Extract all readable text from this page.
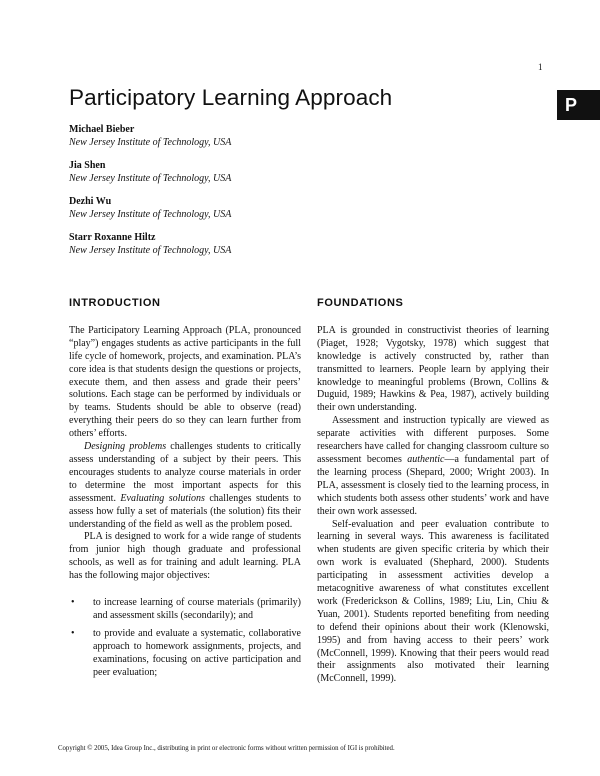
1
P
Participatory Learning Approach
Michael Bieber
New Jersey Institute of Technology, USA
Jia Shen
New Jersey Institute of Technology, USA
Dezhi Wu
New Jersey Institute of Technology, USA
Starr Roxanne Hiltz
New Jersey Institute of Technology, USA
INTRODUCTION

The Participatory Learning Approach (PLA, pronounced “play”) engages students as active participants in the full life cycle of homework, projects, and examination. PLA’s core idea is that students design the questions or projects, execute them, and then assess and grade their peers’ solutions. Each stage can be performed by individuals or by teams. Students should be able to observe (read) everything their peers do so they can learn further from others’ efforts.

Designing problems challenges students to critically assess understanding of a subject by their peers. This encourages students to analyze course materials in order to determine the most important aspects for this assessment. Evaluating solutions challenges students to assess how fully a set of materials (the solution) fits their understanding of the field as well as the problem posed.

PLA is designed to work for a wide range of students from junior high though graduate and professional schools, as well as for training and adult learning. PLA has the following major objectives:

• to increase learning of course materials (primarily) and assessment skills (secondarily); and
• to provide and evaluate a systematic, collaborative approach to homework assignments, projects, and examinations, focusing on active participation and peer evaluation;
FOUNDATIONS

PLA is grounded in constructivist theories of learning (Piaget, 1928; Vygotsky, 1978) which suggest that knowledge is actively constructed by, rather than transmitted to learners. People learn by applying their knowledge to meaningful problems (Brown, Collins & Duguid, 1989; Hawkins & Pea, 1987), actively building their own understanding.

Assessment and instruction typically are viewed as separate activities with different purposes. Some researchers have called for changing classroom culture so assessment becomes authentic—a fundamental part of the learning process (Shepard, 2000; Wright 2003). In PLA, assessment is closely tied to the learning process, in which students both assess other students’ work and have their own work assessed.

Self-evaluation and peer evaluation contribute to learning in several ways. This awareness is facilitated when students are given specific criteria by which their own work is evaluated (Shephard, 2000). Students participating in assessment activities develop a metacognitive awareness of what constitutes excellent work (Frederickson & Collins, 1989; Liu, Lin, Chiu & Yuan, 2001). Students reported benefiting from needing to defend their opinions about their work (Klenowski, 1995) and from having access to their peers’ work (McConnell, 1999). Knowing that their peers would read their assignments also motivated their learning (McConnell, 1999).

Copyright © 2005, Idea Group Inc., distributing in print or electronic forms without written permission of IGI is prohibited.
